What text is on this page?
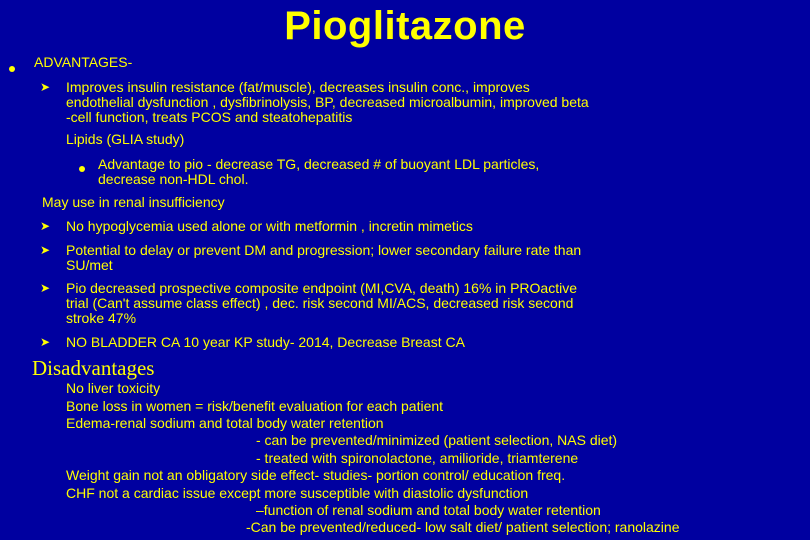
Pioglitazone
ADVANTAGES-
➤ Improves insulin resistance (fat/muscle), decreases insulin conc., improves
endothelial dysfunction , dysfibrinolysis, BP, decreased microalbumin, improved beta
-cell function, treats PCOS and steatohepatitis
Lipids (GLIA study)
Advantage to pio - decrease TG, decreased # of buoyant LDL particles,
decrease non-HDL chol.
May use in renal insufficiency
➤ No hypoglycemia used alone or with metformin , incretin mimetics
➤ Potential to delay or prevent DM and progression; lower secondary failure rate than
SU/met
➤ Pio decreased prospective composite endpoint (MI,CVA, death) 16% in PROactive
trial (Can't assume class effect) , dec. risk second MI/ACS, decreased risk second
stroke 47%
➤ NO BLADDER CA 10 year KP study- 2014, Decrease Breast CA
Disadvantages
No liver toxicity
Bone loss in women = risk/benefit evaluation for each patient
Edema-renal sodium and total body water retention
- can be prevented/minimized (patient selection, NAS diet)
- treated with spironolactone, amilioride, triamterene
Weight gain not an obligatory side effect- studies- portion control/ education freq.
CHF not a cardiac issue except more susceptible with diastolic dysfunction
–function of renal sodium and total body water retention
-Can be prevented/reduced- low salt diet/ patient selection; ranolazine
